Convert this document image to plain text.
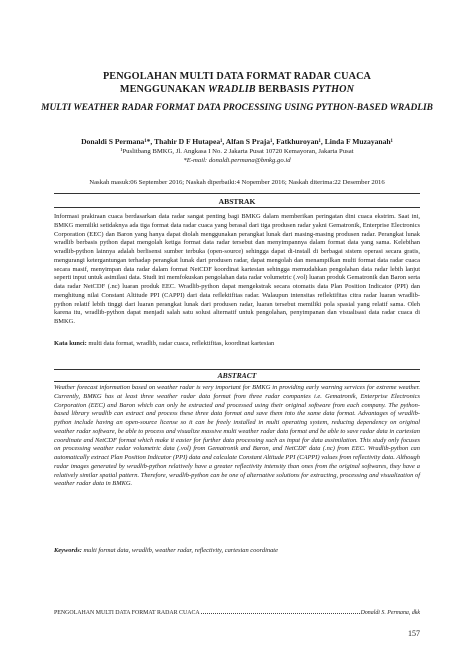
PENGOLAHAN MULTI DATA FORMAT RADAR CUACA
MENGGUNAKAN WRADLIB BERBASIS PYTHON
MULTI WEATHER RADAR FORMAT DATA PROCESSING USING PYTHON-BASED WRADLIB
Donaldi S Permana¹*, Thahir D F Hutapea¹, Alfan S Praja¹, Fatkhuroyan¹, Linda F Muzayanah¹
¹Puslitbang BMKG, Jl. Angkasa I No. 2 Jakarta Pusat 10720 Kemayoran, Jakarta Pusat
*E-mail: donaldi.permana@bmkg.go.id
Naskah masuk:06 September 2016; Naskah diperbaiki:4 Nopember 2016; Naskah diterima:22 Desember 2016
ABSTRAK
Informasi prakiraan cuaca berdasarkan data radar sangat penting bagi BMKG dalam memberikan peringatan dini cuaca ekstrim. Saat ini, BMKG memiliki setidaknya ada tiga format data radar cuaca yang berasal dari tiga produsen radar yakni Gematronik, Enterprise Electronics Corporation (EEC) dan Baron yang hanya dapat diolah menggunakan perangkat lunak dari masing-masing produsen radar. Perangkat lunak wradlib berbasis python dapat mengolah ketiga format data radar tersebut dan menyimpannya dalam format data yang sama. Kelebihan wradlib-python lainnya adalah berlisensi sumber terbuka (open-source) sehingga dapat di-install di berbagai sistem operasi secara gratis, mengurangi ketergantungan terhadap perangkat lunak dari produsen radar, dapat mengolah dan menampilkan multi format data radar cuaca secara masif, menyimpan data radar dalam format NetCDF koordinat kartesian sehingga memudahkan pengolahan data radar lebih lanjut seperti input untuk asimilasi data. Studi ini memfokuskan pengolahan data radar volumetric (.vol) luaran produk Gematronik dan Baron serta data radar NetCDF (.nc) luaran produk EEC. Wradlib-python dapat mengekstrak secara otomatis data Plan Position Indicator (PPI) dan menghitung nilai Constant Altitude PPI (CAPPI) dari data reflektifitas radar. Walaupun intensitas reflektifitas citra radar luaran wradlib-python relatif lebih tinggi dari luaran perangkat lunak dari produsen radar, luaran tersebut memiliki pola spasial yang relatif sama. Oleh karena itu, wradlib-python dapat menjadi salah satu solusi alternatif untuk pengolahan, penyimpanan dan visualisasi data radar cuaca di BMKG.
Kata kunci: multi data format, wradlib, radar cuaca, reflektifitas, koordinat kartesian
ABSTRACT
Weather forecast information based on weather radar is very important for BMKG in providing early warning services for extreme weather. Currently, BMKG has at least three weather radar data format from three radar companies i.e. Gematronik, Enterprise Electronics Corporation (EEC) and Baron which can only be extracted and processed using their original software from each company. The python-based library wradlib can extract and process these three data format and save them into the same data format. Advantages of wradlib-python include having an open-source license so it can be freely installed in multi operating system, reducing dependency on original weather radar software, be able to process and visualize massive multi weather radar data format and be able to save radar data in cartesian coordinate and NetCDF format which make it easier for further data processing such as input for data assimilation. This study only focuses on processing weather radar volumetric data (.vol) from Gematronik and Baron, and NetCDF data (.nc) from EEC. Wradlib-python can automatically extract Plan Position Indicator (PPI) data and calculate Constant Altitude PPI (CAPPI) values from reflectivity data. Although radar images generated by wradlib-python relatively have a greater reflectivity intensity than ones from the original softwares, they have a relatively similar spatial pattern. Therefore, wradlib-python can be one of alternative solutions for extracting, processing and visualization of weather radar data in BMKG.
Keywords: multi format data, wradlib, weather radar, reflectivity, cartesian coordinate
PENGOLAHAN MULTI DATA FORMAT RADAR CUACA	Donaldi S. Permana, dkk
157
